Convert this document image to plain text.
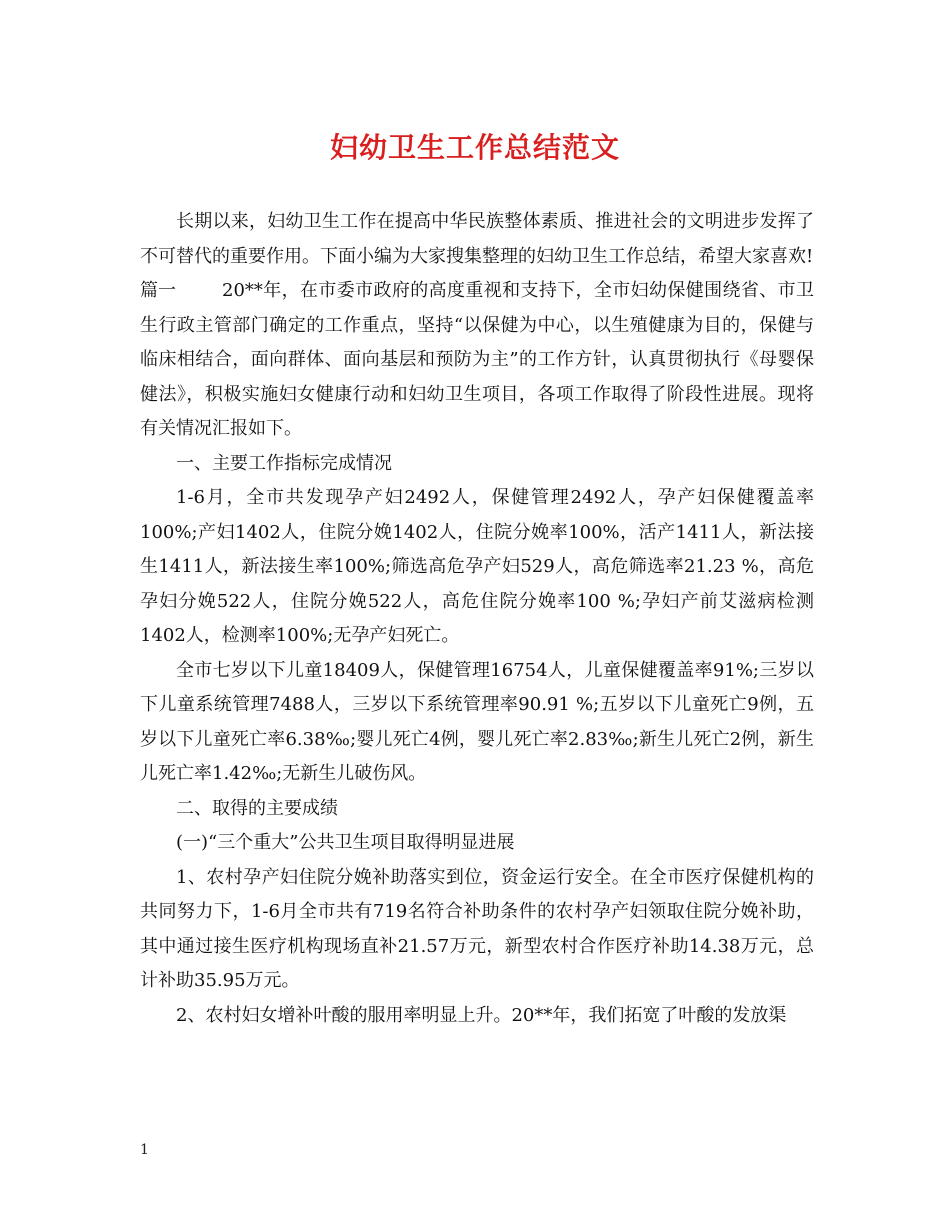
妇幼卫生工作总结范文

长期以来，妇幼卫生工作在提高中华民族整体素质、推进社会的文明进步发挥了不可替代的重要作用。下面小编为大家搜集整理的妇幼卫生工作总结，希望大家喜欢!

篇一	20**年，在市委市政府的高度重视和支持下，全市妇幼保健围绕省、市卫生行政主管部门确定的工作重点，坚持“以保健为中心，以生殖健康为目的，保健与临床相结合，面向群体、面向基层和预防为主”的工作方针，认真贯彻执行《母婴保健法》，积极实施妇女健康行动和妇幼卫生项目，各项工作取得了阶段性进展。现将有关情况汇报如下。

一、主要工作指标完成情况

1-6月，全市共发现孕产妇2492人，保健管理2492人，孕产妇保健覆盖率100%;产妇1402人，住院分娩1402人，住院分娩率100%，活产1411人，新法接生1411人，新法接生率100%;筛选高危孕产妇529人，高危筛选率21.23 %，高危孕妇分娩522人，住院分娩522人，高危住院分娩率100 %;孕妇产前艾滋病检测1402人，检测率100%;无孕产妇死亡。

全市七岁以下儿童18409人，保健管理16754人，儿童保健覆盖率91%;三岁以下儿童系统管理7488人，三岁以下系统管理率90.91 %;五岁以下儿童死亡9例，五岁以下儿童死亡率6.38‰;婴儿死亡4例，婴儿死亡率2.83‰;新生儿死亡2例，新生儿死亡率1.42‰;无新生儿破伤风。

二、取得的主要成绩

(一)“三个重大”公共卫生项目取得明显进展

1、农村孕产妇住院分娩补助落实到位，资金运行安全。在全市医疗保健机构的共同努力下，1-6月全市共有719名符合补助条件的农村孕产妇领取住院分娩补助，其中通过接生医疗机构现场直补21.57万元，新型农村合作医疗补助14.38万元，总计补助35.95万元。

2、农村妇女增补叶酸的服用率明显上升。20**年，我们拓宽了叶酸的发放渠

1
